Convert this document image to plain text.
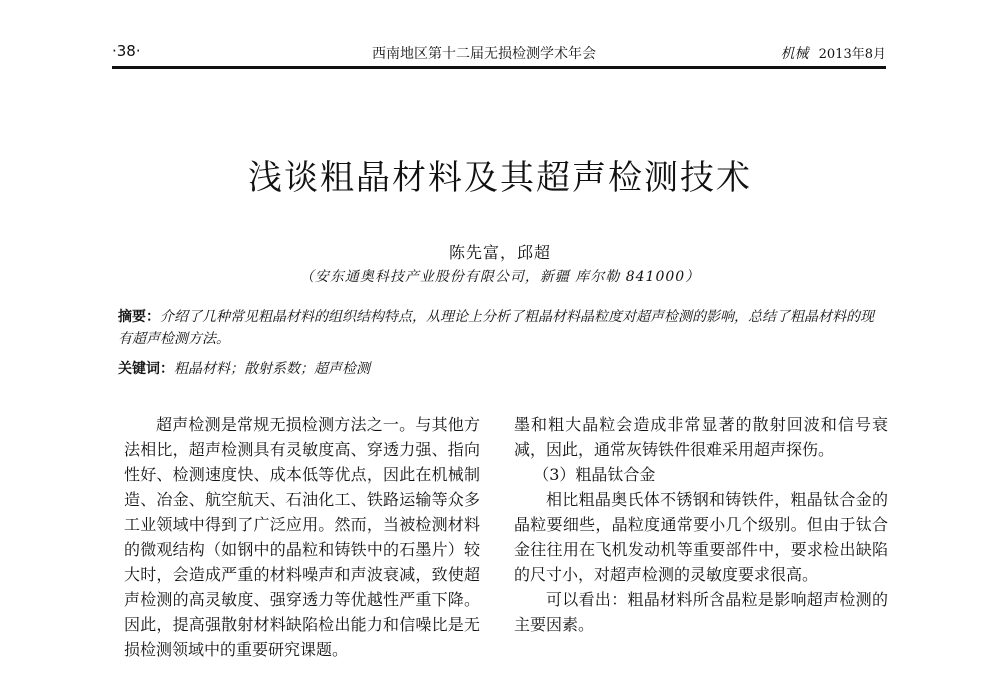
·38·	西南地区第十二届无损检测学术年会	机械 2013年8月
浅谈粗晶材料及其超声检测技术
陈先富，邱超
（安东通奥科技产业股份有限公司，新疆 库尔勒 841000）
摘要：介绍了几种常见粗晶材料的组织结构特点，从理论上分析了粗晶材料晶粒度对超声检测的影响，总结了粗晶材料的现有超声检测方法。
关键词：粗晶材料；散射系数；超声检测

超声检测是常规无损检测方法之一。与其他方法相比，超声检测具有灵敏度高、穿透力强、指向性好、检测速度快、成本低等优点，因此在机械制造、冶金、航空航天、石油化工、铁路运输等众多工业领域中得到了广泛应用。然而，当被检测材料的微观结构（如钢中的晶粒和铸铁中的石墨片）较大时，会造成严重的材料噪声和声波衰减，致使超声检测的高灵敏度、强穿透力等优越性严重下降。因此，提高强散射材料缺陷检出能力和信噪比是无损检测领域中的重要研究课题。

墨和粗大晶粒会造成非常显著的散射回波和信号衰减，因此，通常灰铸铁件很难采用超声探伤。

（3）粗晶钛合金

相比粗晶奥氏体不锈钢和铸铁件，粗晶钛合金的晶粒要细些，晶粒度通常要小几个级别。但由于钛合金往往用在飞机发动机等重要部件中，要求检出缺陷的尺寸小，对超声检测的灵敏度要求很高。

可以看出：粗晶材料所含晶粒是影响超声检测的主要因素。
